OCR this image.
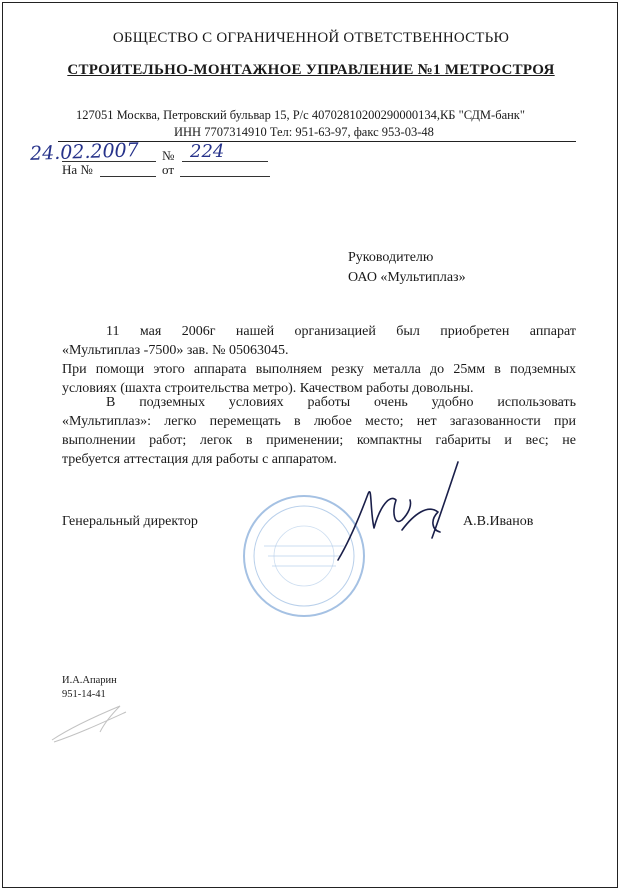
ОБЩЕСТВО С ОГРАНИЧЕННОЙ ОТВЕТСТВЕННОСТЬЮ
СТРОИТЕЛЬНО-МОНТАЖНОЕ УПРАВЛЕНИЕ №1 МЕТРОСТРОЯ
127051 Москва, Петровский бульвар 15, Р/с 40702810200290000134,КБ "СДМ-банк"
ИНН 7707314910 Тел: 951-63-97, факс 953-03-48
24.02.2007 № 224
На №	от
Руководителю
ОАО «Мультиплаз»
11 мая 2006г нашей организацией был приобретен аппарат
«Мультиплаз -7500» зав. № 05063045.
При помощи этого аппарата выполняем резку металла до 25мм в подземных
условиях (шахта строительства метро). Качеством работы довольны.
В подземных условиях работы очень удобно использовать
«Мультиплаз»: легко перемещать в любое место; нет загазованности при
выполнении работ; легок в применении; компактны габариты и вес; не
требуется аттестация для работы с аппаратом.
Генеральный директор	А.В.Иванов
И.А.Апарин
951-14-41
